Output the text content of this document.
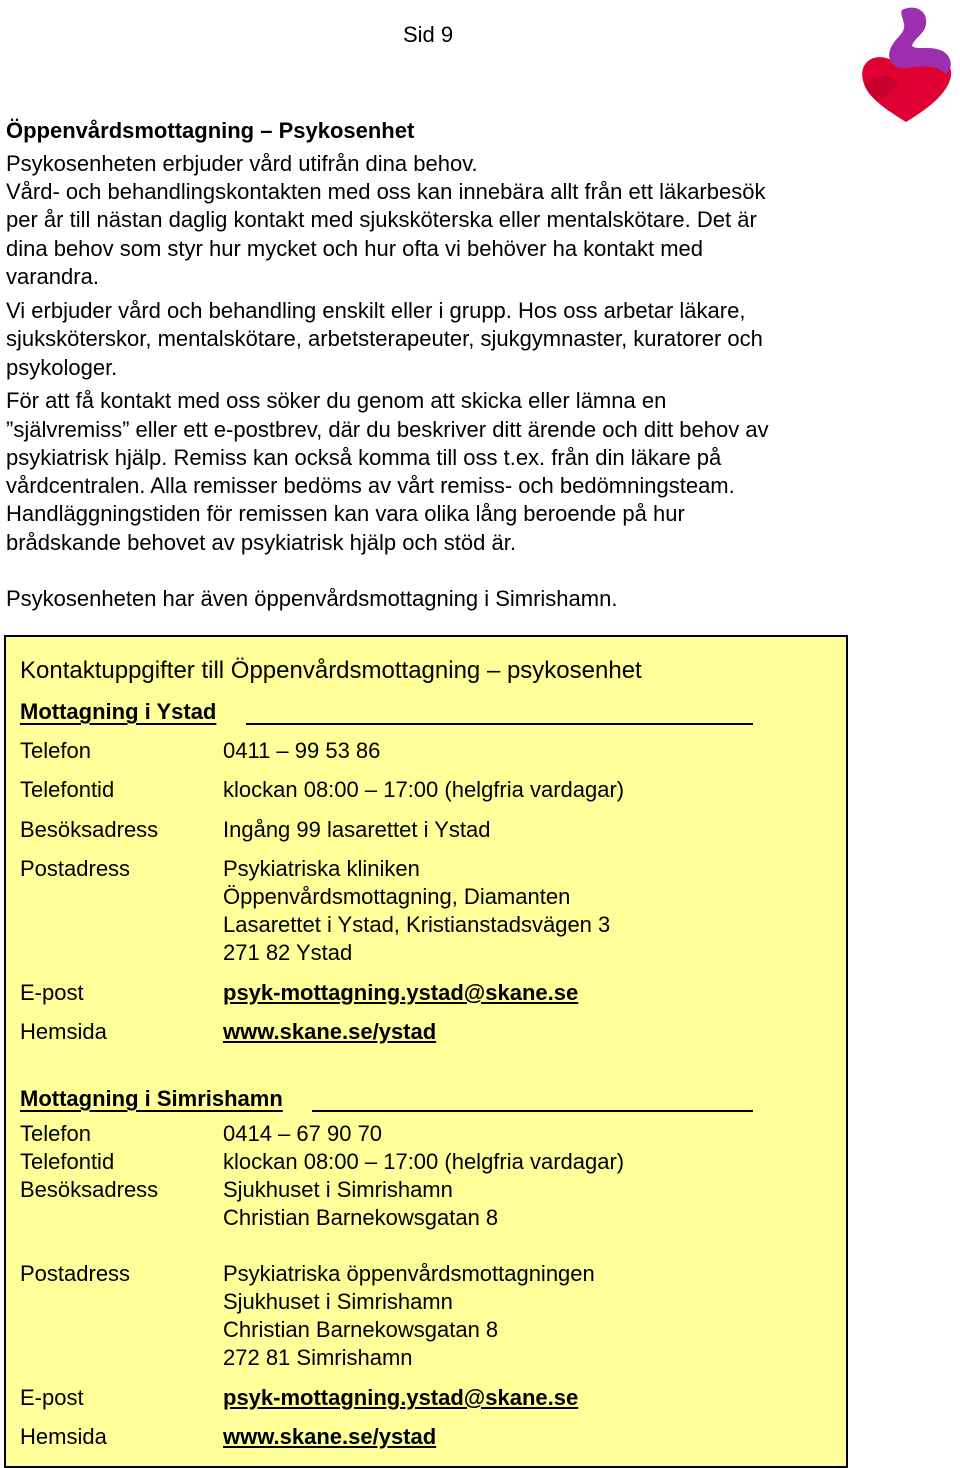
Sid 9
Öppenvårdsmottagning – Psykosenhet
Psykosenheten erbjuder vård utifrån dina behov.
Vård- och behandlingskontakten med oss kan innebära allt från ett läkarbesök
per år till nästan daglig kontakt med sjuksköterska eller mentalskötare. Det är
dina behov som styr hur mycket och hur ofta vi behöver ha kontakt med
varandra.
Vi erbjuder vård och behandling enskilt eller i grupp. Hos oss arbetar läkare,
sjuksköterskor, mentalskötare, arbetsterapeuter, sjukgymnaster, kuratorer och
psykologer.
För att få kontakt med oss söker du genom att skicka eller lämna en
”självremiss” eller ett e-postbrev, där du beskriver ditt ärende och ditt behov av
psykiatrisk hjälp. Remiss kan också komma till oss t.ex. från din läkare på
vårdcentralen. Alla remisser bedöms av vårt remiss- och bedömningsteam.
Handläggningstiden för remissen kan vara olika lång beroende på hur
brådskande behovet av psykiatrisk hjälp och stöd är.
Psykosenheten har även öppenvårdsmottagning i Simrishamn.
Kontaktuppgifter till Öppenvårdsmottagning – psykosenhet
Mottagning i Ystad
Telefon	0411 – 99 53 86
Telefontid	klockan 08:00 – 17:00 (helgfria vardagar)
Besöksadress	Ingång 99 lasarettet i Ystad
Postadress	Psykiatriska kliniken
Öppenvårdsmottagning, Diamanten
Lasarettet i Ystad, Kristianstadsvägen 3
271 82 Ystad
E-post	psyk-mottagning.ystad@skane.se
Hemsida	www.skane.se/ystad
Mottagning i Simrishamn
Telefon	0414 – 67 90 70
Telefontid	klockan 08:00 – 17:00 (helgfria vardagar)
Besöksadress	Sjukhuset i Simrishamn
Christian Barnekowsgatan 8
Postadress	Psykiatriska öppenvårdsmottagningen
Sjukhuset i Simrishamn
Christian Barnekowsgatan 8
272 81 Simrishamn
E-post	psyk-mottagning.ystad@skane.se
Hemsida	www.skane.se/ystad
